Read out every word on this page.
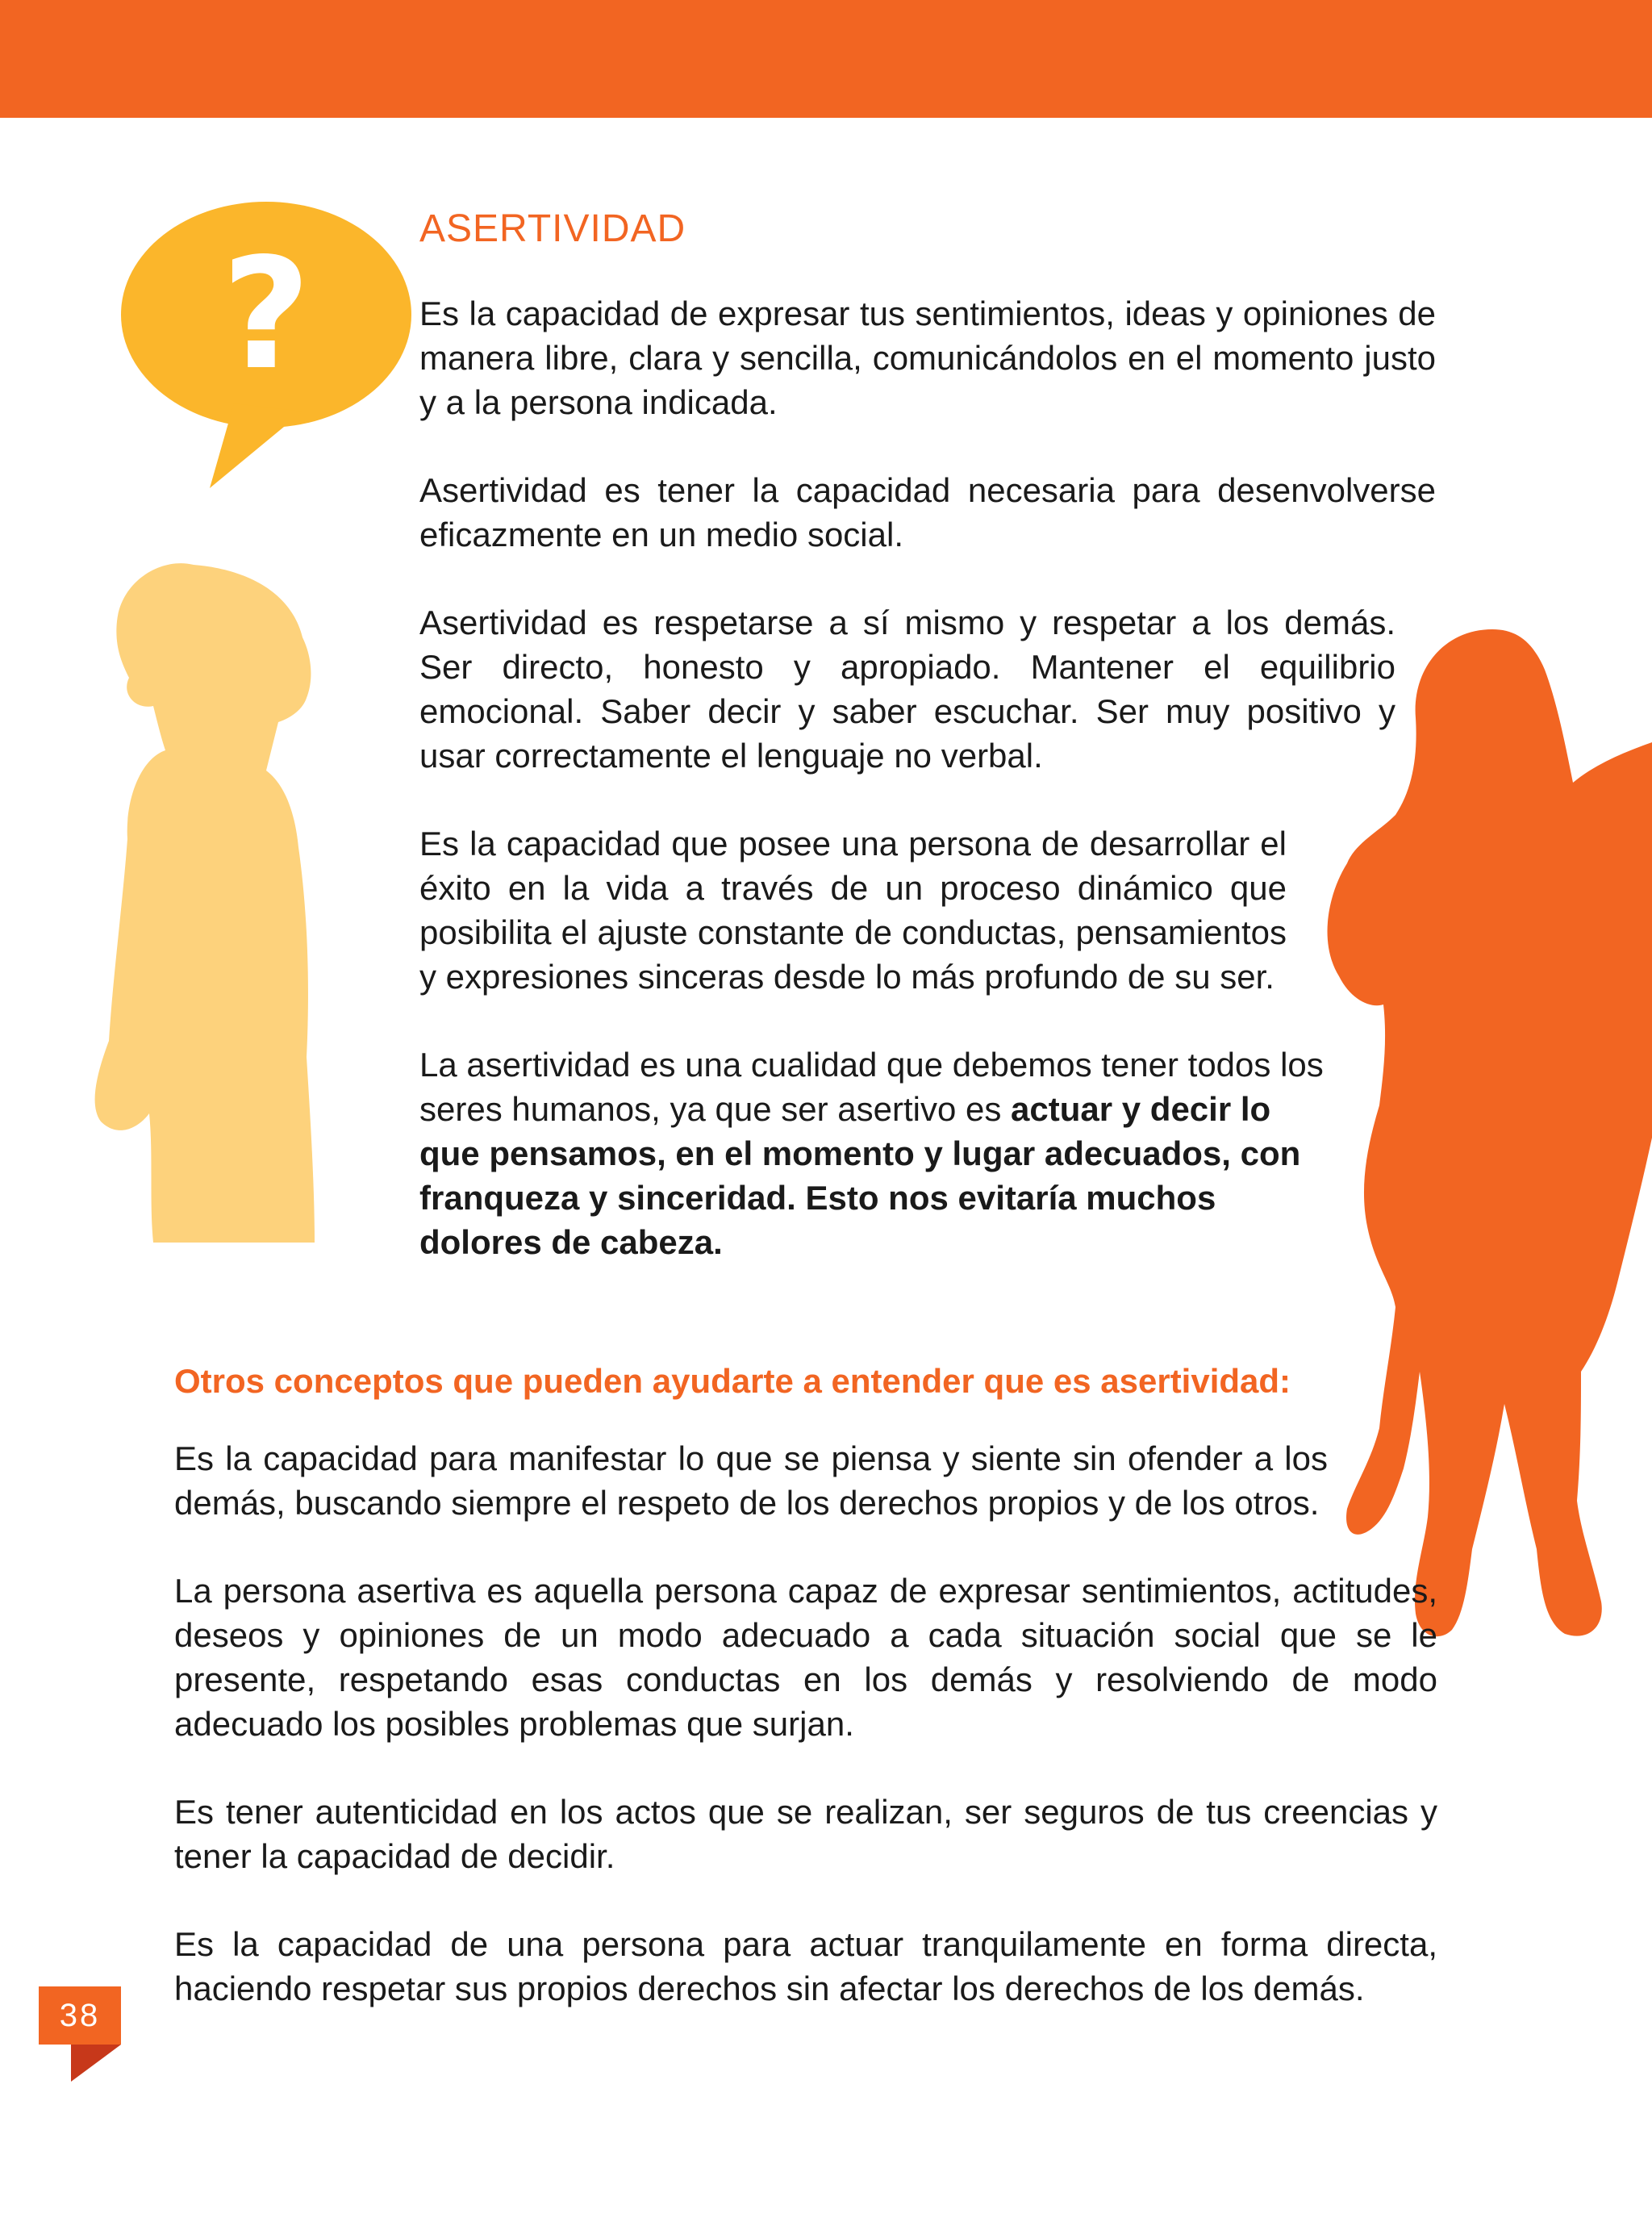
?	ASERTIVIDAD

Es la capacidad de expresar tus sentimientos, ideas y opiniones de manera libre, clara y sencilla, comunicándolos en el momento justo y a la persona indicada.

Asertividad es tener la capacidad necesaria para desenvolverse eficazmente en un medio social.

Asertividad es respetarse a sí mismo y respetar a los demás. Ser directo, honesto y apropiado. Mantener el equilibrio emocional. Saber decir y saber escuchar. Ser muy positivo y usar correctamente el lenguaje no verbal.

Es la capacidad que posee una persona de desarrollar el éxito en la vida a través de un proceso dinámico que posibilita el ajuste constante de conductas, pensamientos y expresiones sinceras desde lo más profundo de su ser.

La asertividad es una cualidad que debemos tener todos los seres humanos, ya que ser asertivo es actuar y decir lo que pensamos, en el momento y lugar adecuados, con franqueza y sinceridad. Esto nos evitaría muchos dolores de cabeza.

Otros conceptos que pueden ayudarte a entender que es asertividad:

Es la capacidad para manifestar lo que se piensa y siente sin ofender a los demás, buscando siempre el respeto de los derechos propios y de los otros.

La persona asertiva es aquella persona capaz de expresar sentimientos, actitudes, deseos y opiniones de un modo adecuado a cada situación social que se le presente, respetando esas conductas en los demás y resolviendo de modo adecuado los posibles problemas que surjan.

Es tener autenticidad en los actos que se realizan, ser seguros de tus creencias y tener la capacidad de decidir.

Es la capacidad de una persona para actuar tranquilamente en forma directa, haciendo respetar sus propios derechos sin afectar los derechos de los demás.

38
